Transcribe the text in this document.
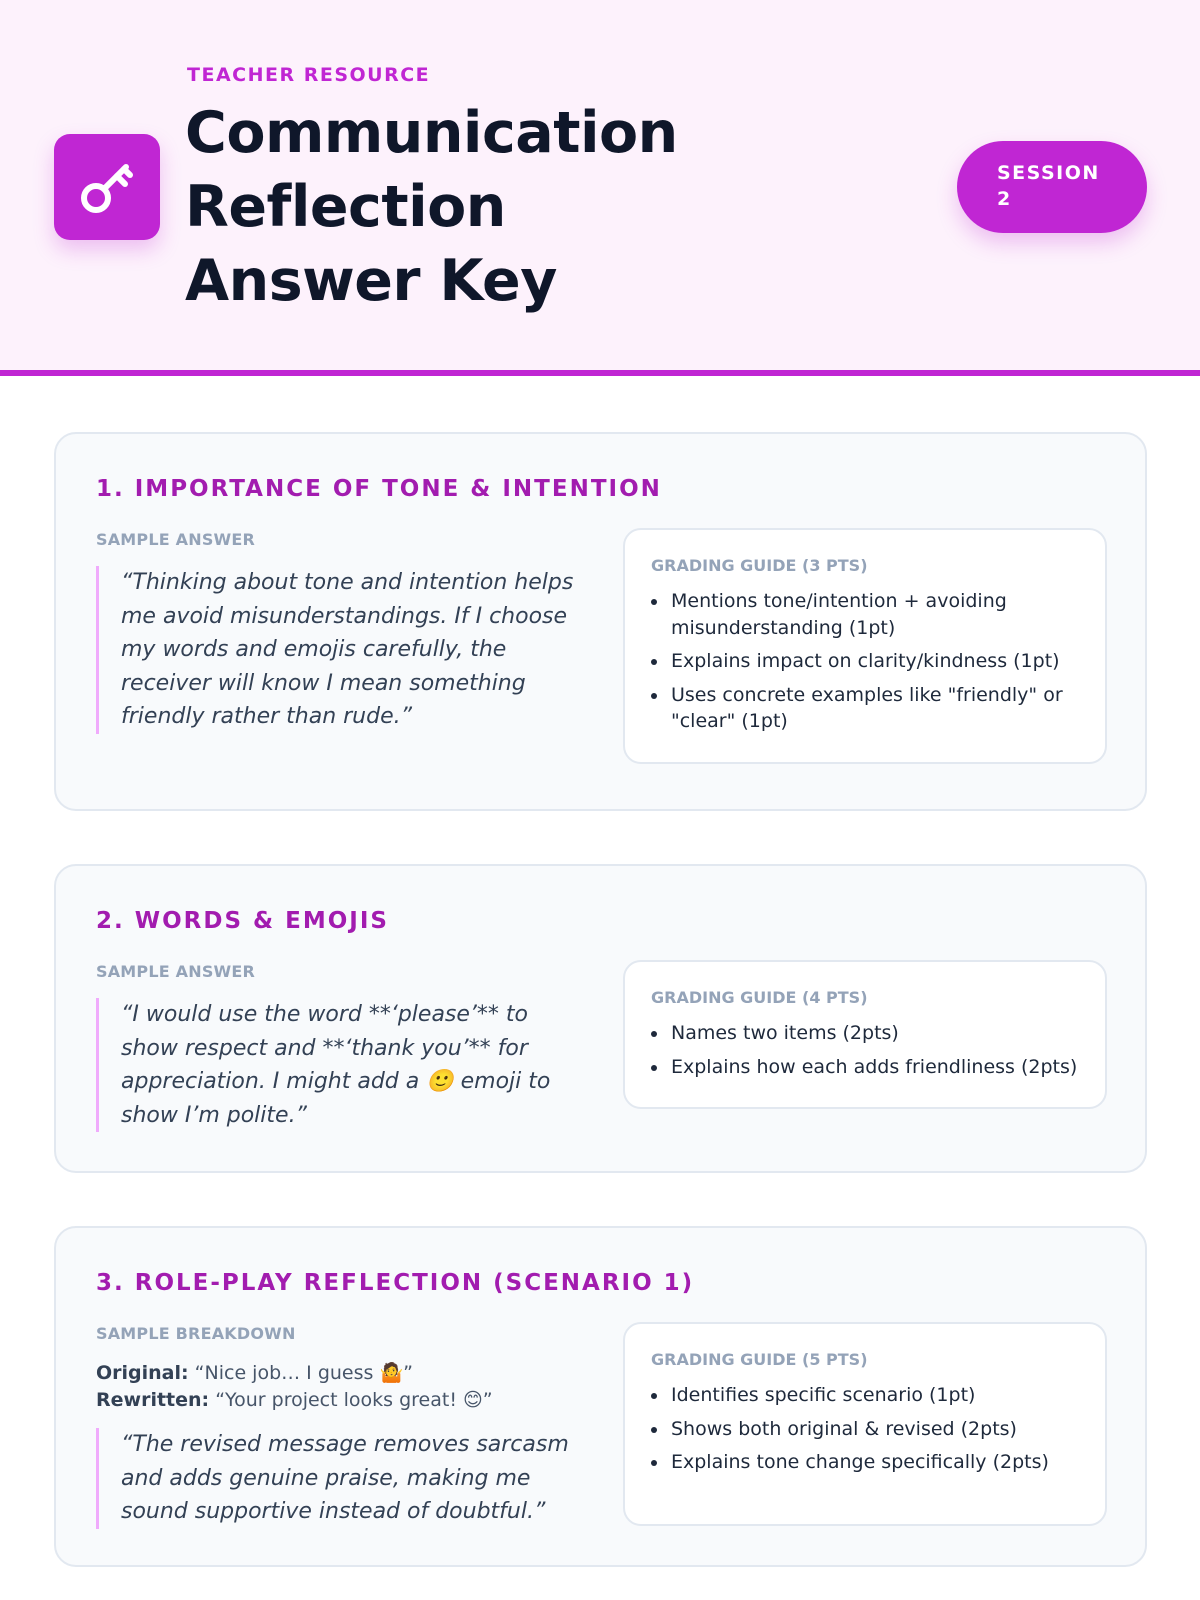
TEACHER RESOURCE
Communication
Reflection
Answer Key
SESSION
2
1. IMPORTANCE OF TONE & INTENTION
SAMPLE ANSWER
“Thinking about tone and intention helps me avoid misunderstandings. If I choose my words and emojis carefully, the receiver will know I mean something friendly rather than rude.”
GRADING GUIDE (3 PTS)
Mentions tone/intention + avoiding misunderstanding (1pt)
Explains impact on clarity/kindness (1pt)
Uses concrete examples like "friendly" or "clear" (1pt)
2. WORDS & EMOJIS
SAMPLE ANSWER
“I would use the word **‘please’** to show respect and **‘thank you’** for appreciation. I might add a 🙂 emoji to show I’m polite.”
GRADING GUIDE (4 PTS)
Names two items (2pts)
Explains how each adds friendliness (2pts)
3. ROLE-PLAY REFLECTION (SCENARIO 1)
SAMPLE BREAKDOWN
Original: “Nice job… I guess 🤷”
Rewritten: “Your project looks great! 😊”
“The revised message removes sarcasm and adds genuine praise, making me sound supportive instead of doubtful.”
GRADING GUIDE (5 PTS)
Identifies specific scenario (1pt)
Shows both original & revised (2pts)
Explains tone change specifically (2pts)
